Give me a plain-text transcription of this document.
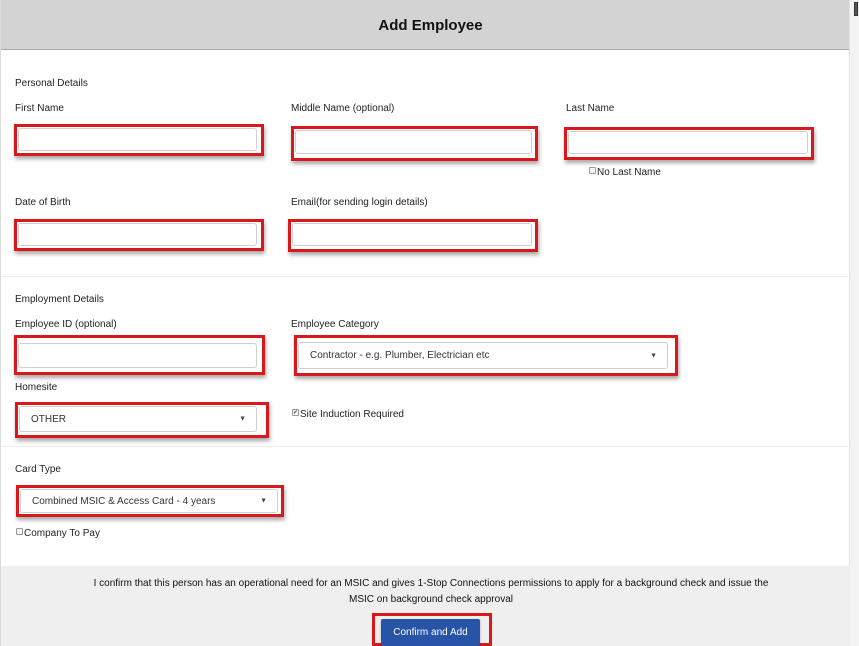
Add Employee
Personal Details
First Name	Middle Name (optional)	Last Name
No Last Name
Date of Birth	Email(for sending login details)
Employment Details
Employee ID (optional)	Employee Category
Contractor - e.g. Plumber, Electrician etc	▼
Homesite
OTHER	▼
✔ Site Induction Required
Card Type
Combined MSIC & Access Card - 4 years	▼
Company To Pay
I confirm that this person has an operational need for an MSIC and gives 1-Stop Connections permissions to apply for a background check and issue the MSIC on background check approval
Confirm and Add
